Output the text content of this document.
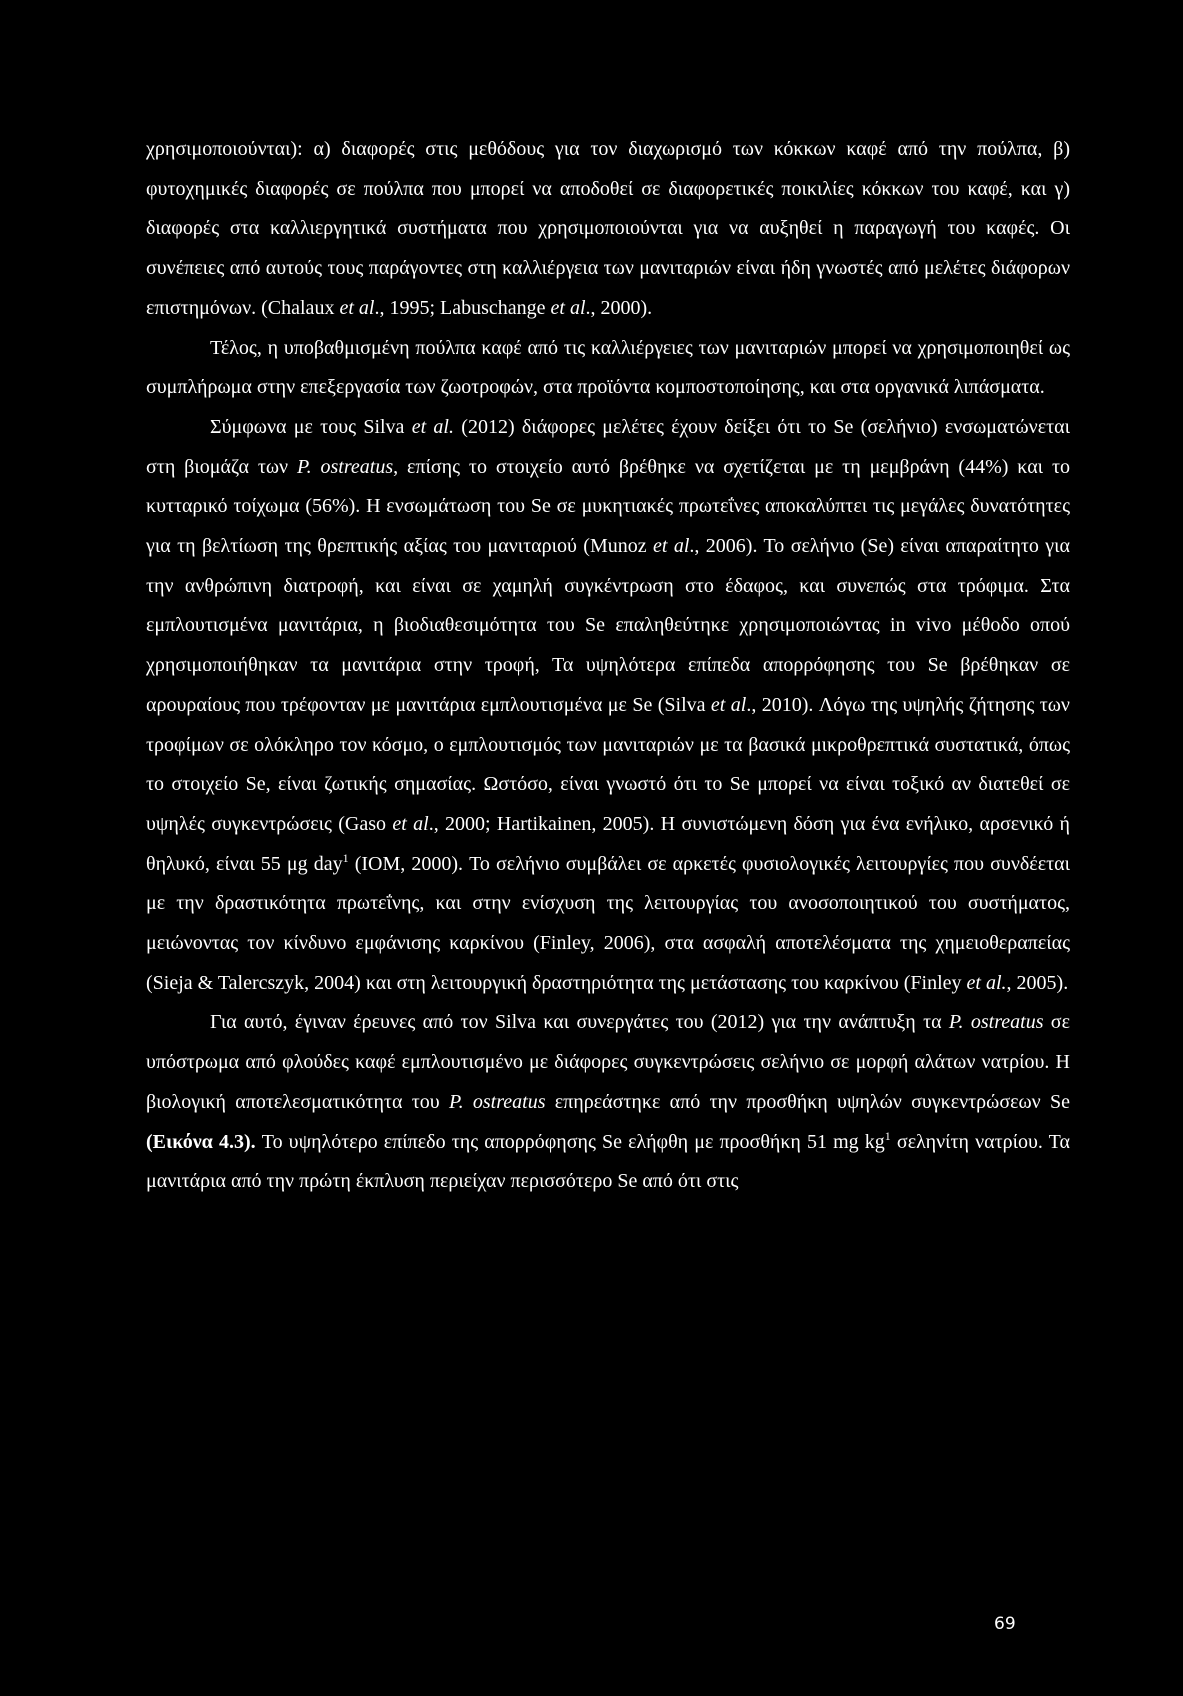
χρησιμοποιούνται): α) διαφορές στις μεθόδους για τον διαχωρισμό των κόκκων καφέ από την πούλπα, β) φυτοχημικές διαφορές σε πούλπα που μπορεί να αποδοθεί σε διαφορετικές ποικιλίες κόκκων του καφέ, και γ) διαφορές στα καλλιεργητικά συστήματα που χρησιμοποιούνται για να αυξηθεί η παραγωγή του καφές. Οι συνέπειες από αυτούς τους παράγοντες στη καλλιέργεια των μανιταριών είναι ήδη γνωστές από μελέτες διάφορων επιστημόνων. (Chalaux et al., 1995; Labuschange et al., 2000).

Τέλος, η υποβαθμισμένη πούλπα καφέ από τις καλλιέργειες των μανιταριών μπορεί να χρησιμοποιηθεί ως συμπλήρωμα στην επεξεργασία των ζωοτροφών, στα προϊόντα κομποστοποίησης, και στα οργανικά λιπάσματα.

Σύμφωνα με τους Silva et al. (2012) διάφορες μελέτες έχουν δείξει ότι το Se (σελήνιο) ενσωματώνεται στη βιομάζα των P. ostreatus, επίσης το στοιχείο αυτό βρέθηκε να σχετίζεται με τη μεμβράνη (44%) και το κυτταρικό τοίχωμα (56%). Η ενσωμάτωση του Se σε μυκητιακές πρωτεΐνες αποκαλύπτει τις μεγάλες δυνατότητες για τη βελτίωση της θρεπτικής αξίας του μανιταριού (Munoz et al., 2006). Το σελήνιο (Se) είναι απαραίτητο για την ανθρώπινη διατροφή, και είναι σε χαμηλή συγκέντρωση στο έδαφος, και συνεπώς στα τρόφιμα. Στα εμπλουτισμένα μανιτάρια, η βιοδιαθεσιμότητα του Se επαληθεύτηκε χρησιμοποιώντας in vivo μέθοδο οπού χρησιμοποιήθηκαν τα μανιτάρια στην τροφή, Τα υψηλότερα επίπεδα απορρόφησης του Se βρέθηκαν σε αρουραίους που τρέφονταν με μανιτάρια εμπλουτισμένα με Se (Silva et al., 2010). Λόγω της υψηλής ζήτησης των τροφίμων σε ολόκληρο τον κόσμο, ο εμπλουτισμός των μανιταριών με τα βασικά μικροθρεπτικά συστατικά, όπως το στοιχείο Se, είναι ζωτικής σημασίας. Ωστόσο, είναι γνωστό ότι το Se μπορεί να είναι τοξικό αν διατεθεί σε υψηλές συγκεντρώσεις (Gaso et al., 2000; Hartikainen, 2005). Η συνιστώμενη δόση για ένα ενήλικο, αρσενικό ή θηλυκό, είναι 55 μg day$^1$ (IOM, 2000). Το σελήνιο συμβάλει σε αρκετές φυσιολογικές λειτουργίες που συνδέεται με την δραστικότητα πρωτεΐνης, και στην ενίσχυση της λειτουργίας του ανοσοποιητικού του συστήματος, μειώνοντας τον κίνδυνο εμφάνισης καρκίνου (Finley, 2006), στα ασφαλή αποτελέσματα της χημειοθεραπείας (Sieja & Talercszyk, 2004) και στη λειτουργική δραστηριότητα της μετάστασης του καρκίνου (Finley et al., 2005).

Για αυτό, έγιναν έρευνες από τον Silva και συνεργάτες του (2012) για την ανάπτυξη τα P. ostreatus σε υπόστρωμα από φλούδες καφέ εμπλουτισμένο με διάφορες συγκεντρώσεις σελήνιο σε μορφή αλάτων νατρίου. Η βιολογική αποτελεσματικότητα του P. ostreatus επηρεάστηκε από την προσθήκη υψηλών συγκεντρώσεων Se (Εικόνα 4.3). Το υψηλότερο επίπεδο της απορρόφησης Se ελήφθη με προσθήκη 51 mg $kg^1$ σεληνίτη νατρίου. Τα μανιτάρια από την πρώτη έκπλυση περιείχαν περισσότερο Se από ότι στις

69
